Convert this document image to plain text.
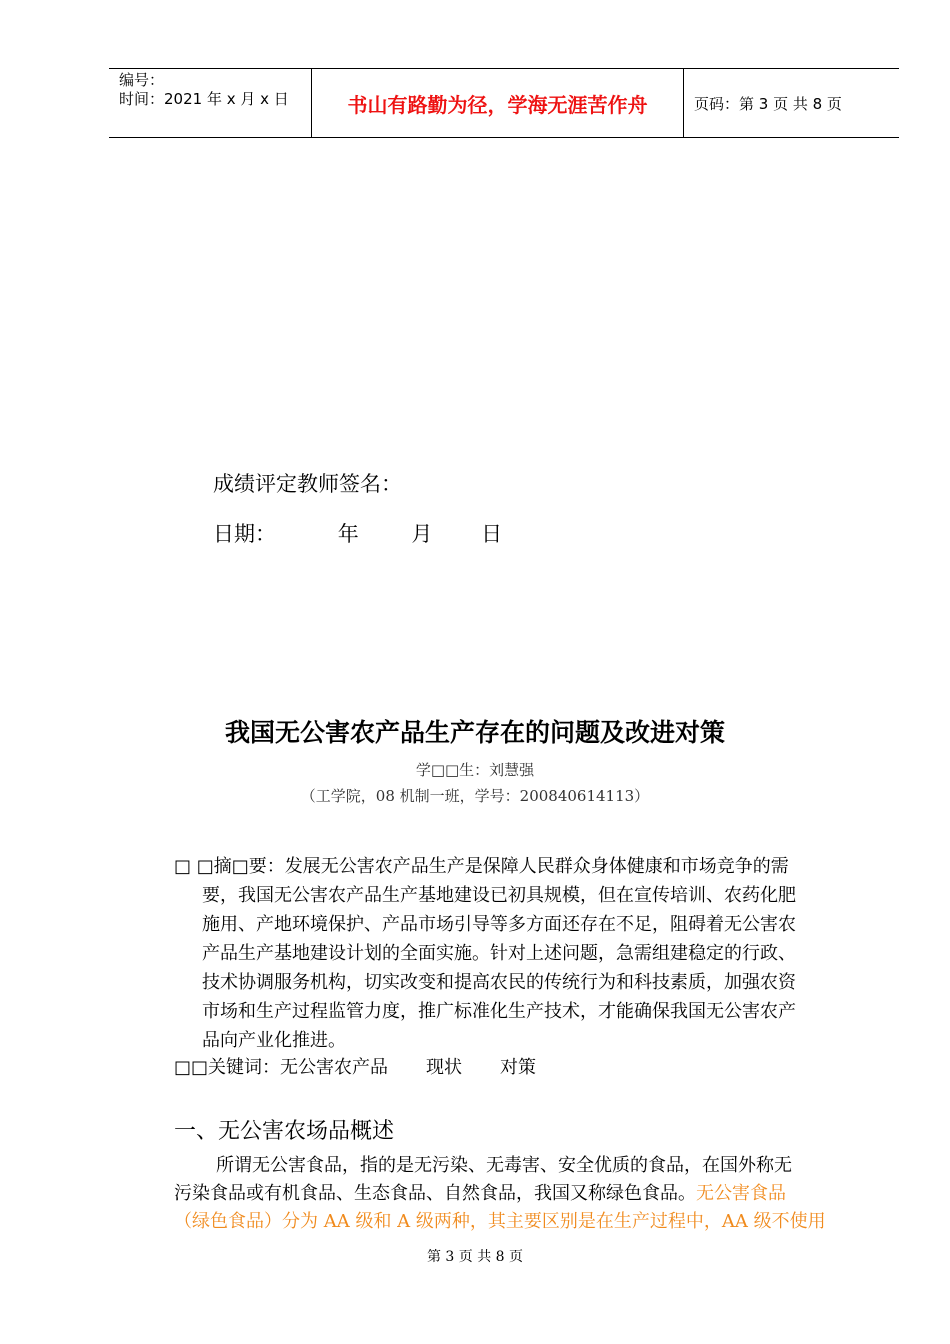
编号：
时间：2021 年 x 月 x 日	书山有路勤为径，学海无涯苦作舟	页码：第 3 页 共 8 页
成绩评定教师签名：
日期：	年	月 日
我国无公害农产品生产存在的问题及改进对策
学□□生：刘慧强
（工学院，08 机制一班，学号：200840614113）
□ □摘□要：发展无公害农产品生产是保障人民群众身体健康和市场竞争的需
要，我国无公害农产品生产基地建设已初具规模，但在宣传培训、农药化肥
施用、产地环境保护、产品市场引导等多方面还存在不足，阻碍着无公害农
产品生产基地建设计划的全面实施。针对上述问题，急需组建稳定的行政、
技术协调服务机构，切实改变和提高农民的传统行为和科技素质，加强农资
市场和生产过程监管力度，推广标准化生产技术，才能确保我国无公害农产
品向产业化推进。
□□关键词：无公害农产品 现状 对策
一、无公害农场品概述
所谓无公害食品，指的是无污染、无毒害、安全优质的食品，在国外称无
污染食品或有机食品、生态食品、自然食品，我国又称绿色食品。无公害食品
（绿色食品）分为 AA 级和 A 级两种，其主要区别是在生产过程中，AA 级不使用
第 3 页 共 8 页
